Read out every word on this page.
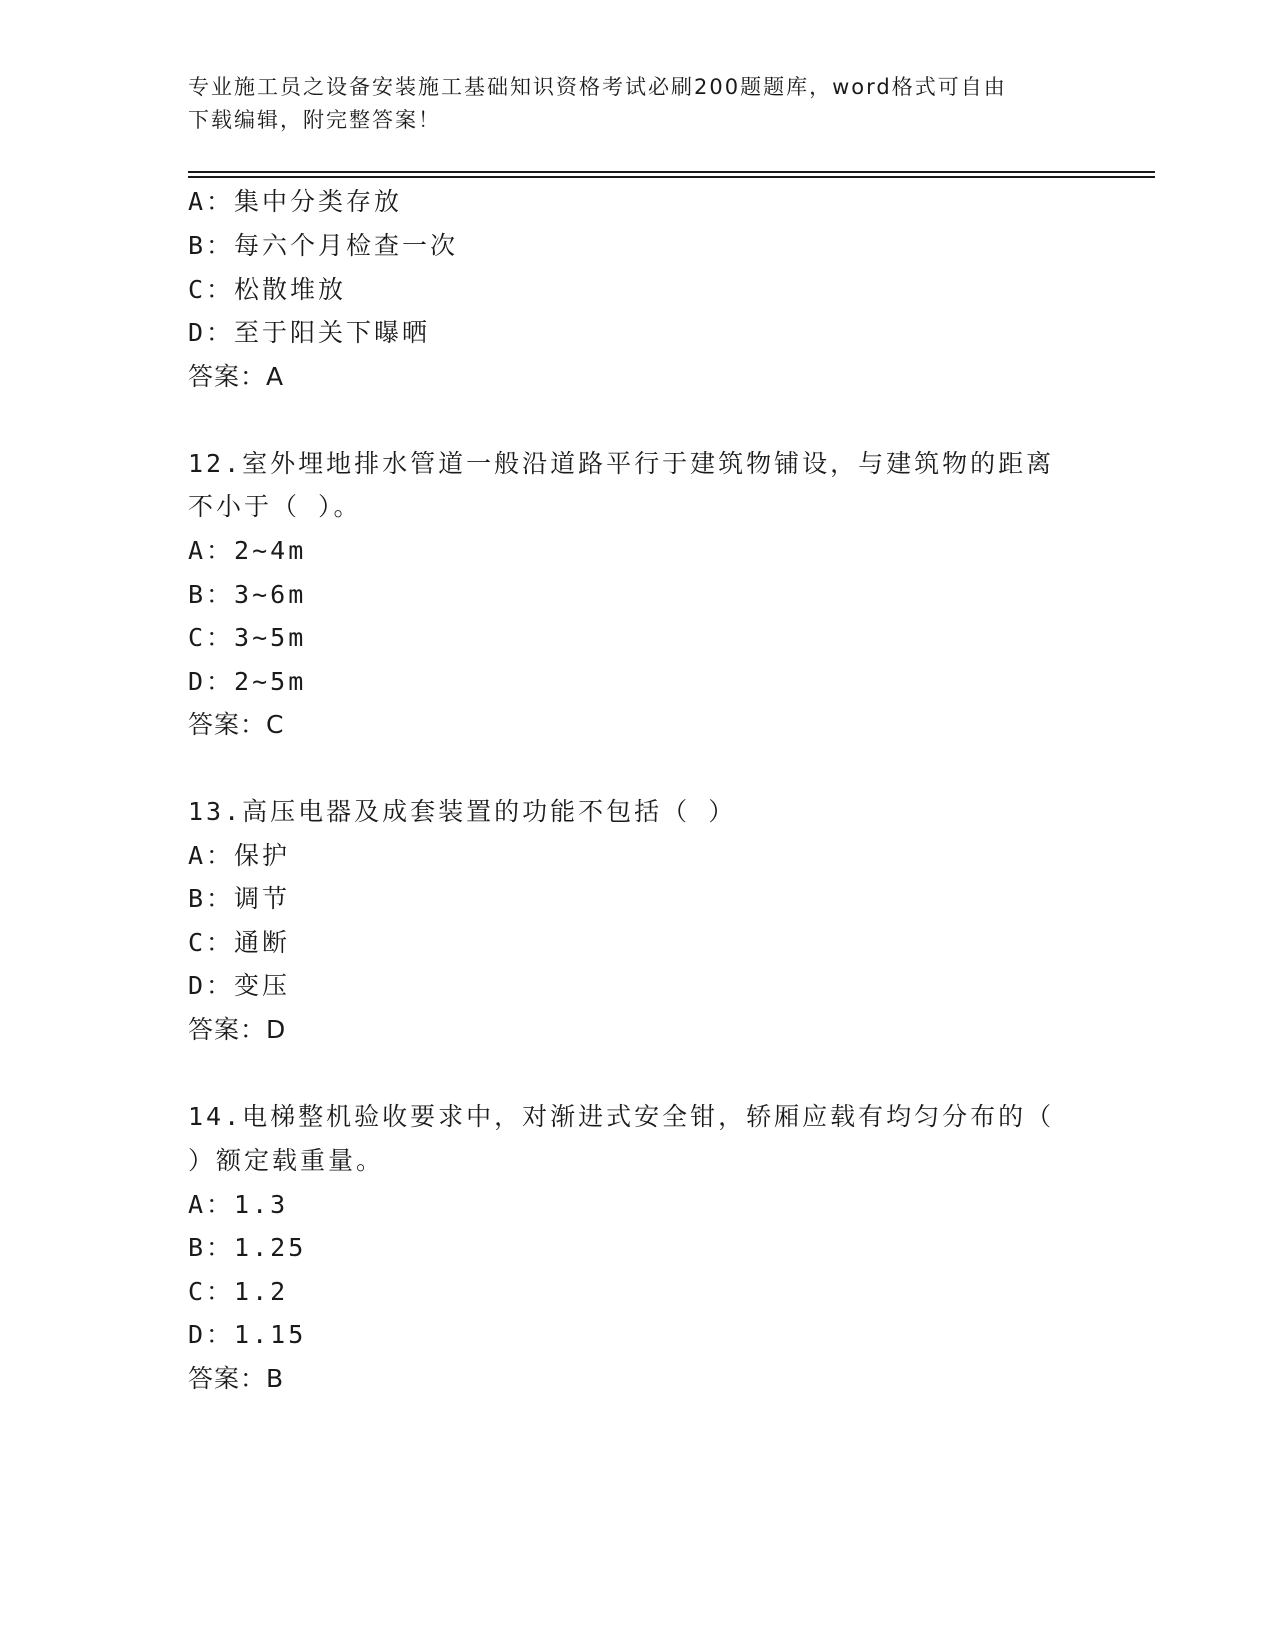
专业施工员之设备安装施工基础知识资格考试必刷200题题库，word格式可自由
下载编辑，附完整答案！
A：集中分类存放
B：每六个月检查一次
C：松散堆放
D：至于阳关下曝晒
答案：A
12.室外埋地排水管道一般沿道路平行于建筑物铺设，与建筑物的距离
不小于（ ）。
A：2~4m
B：3~6m
C：3~5m
D：2~5m
答案：C
13.高压电器及成套装置的功能不包括（ ）
A：保护
B：调节
C：通断
D：变压
答案：D
14.电梯整机验收要求中，对渐进式安全钳，轿厢应载有均匀分布的（
）额定载重量。
A：1.3
B：1.25
C：1.2
D：1.15
答案：B
